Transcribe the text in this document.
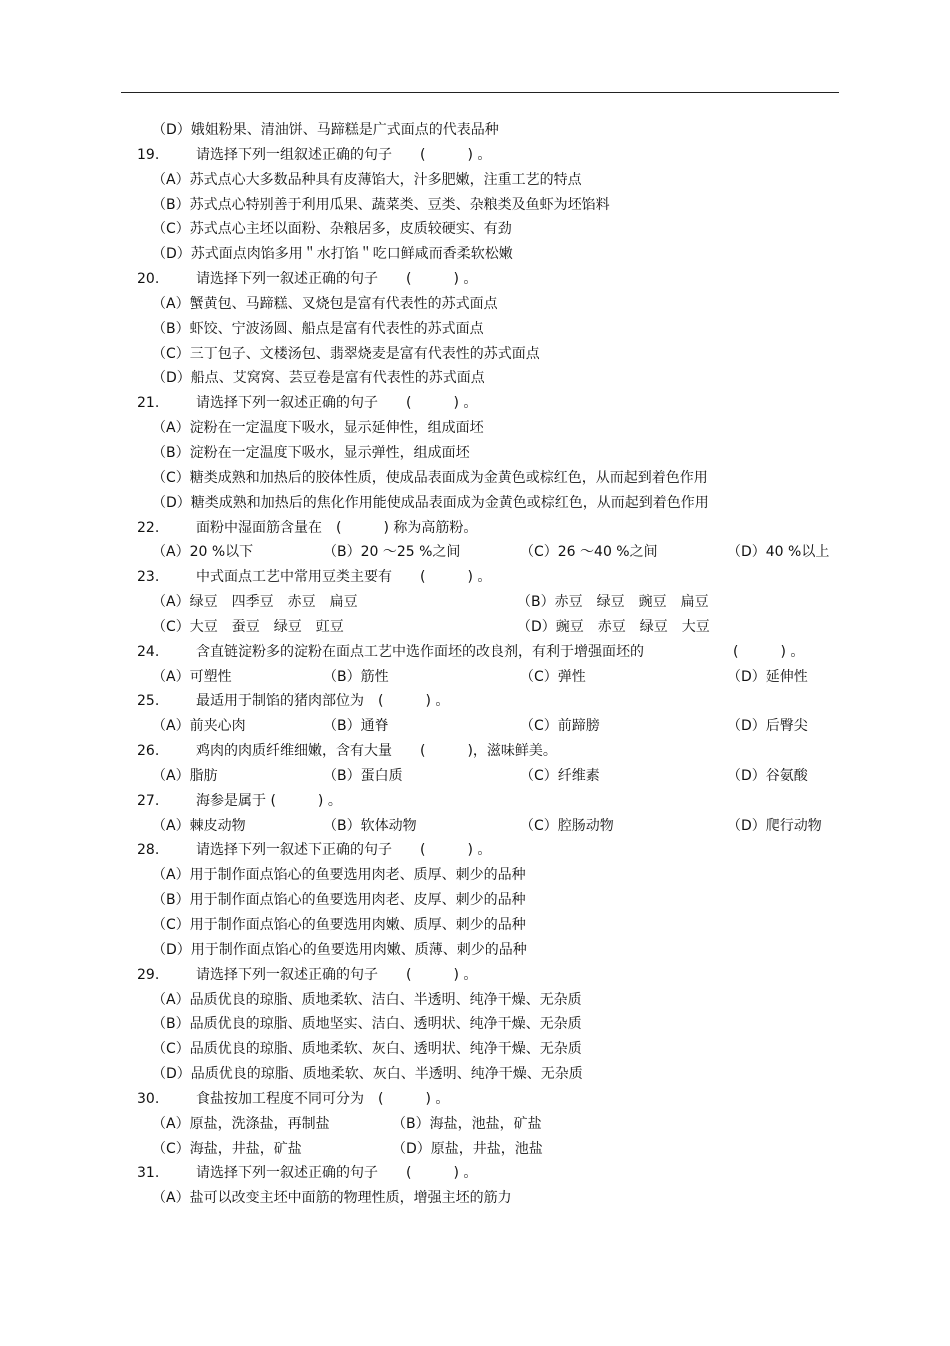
（D）娥姐粉果、清油饼、马蹄糕是广式面点的代表品种
19.	请选择下列一组叙述正确的句子　　(　　　) 。
（A）苏式点心大多数品种具有皮薄馅大，汁多肥嫩，注重工艺的特点
（B）苏式点心特别善于利用瓜果、蔬菜类、豆类、杂粮类及鱼虾为坯馅料
（C）苏式点心主坯以面粉、杂粮居多，皮质较硬实、有劲
（D）苏式面点肉馅多用＂水打馅＂吃口鲜咸而香柔软松嫩
20.	请选择下列一叙述正确的句子　　(　　　) 。
（A）蟹黄包、马蹄糕、叉烧包是富有代表性的苏式面点
（B）虾饺、宁波汤圆、船点是富有代表性的苏式面点
（C）三丁包子、文楼汤包、翡翠烧麦是富有代表性的苏式面点
（D）船点、艾窝窝、芸豆卷是富有代表性的苏式面点
21.	请选择下列一叙述正确的句子　　(　　　) 。
（A）淀粉在一定温度下吸水，显示延伸性，组成面坯
（B）淀粉在一定温度下吸水，显示弹性，组成面坯
（C）糖类成熟和加热后的胶体性质，使成品表面成为金黄色或棕红色，从而起到着色作用
（D）糖类成熟和加热后的焦化作用能使成品表面成为金黄色或棕红色，从而起到着色作用
22.	面粉中湿面筋含量在　(　　　) 称为高筋粉。
（A）20 %以下	（B）20 ～25 %之间	（C）26 ～40 %之间	（D）40 %以上
23.	中式面点工艺中常用豆类主要有　　(　　　) 。
（A）绿豆　四季豆　赤豆　扁豆	（B）赤豆　绿豆　豌豆　扁豆
（C）大豆　蚕豆　绿豆　豇豆	（D）豌豆　赤豆　绿豆　大豆
24.	含直链淀粉多的淀粉在面点工艺中选作面坯的改良剂，有利于增强面坯的	(　　　) 。
（A）可塑性	（B）筋性	（C）弹性	（D）延伸性
25.	最适用于制馅的猪肉部位为　(　　　) 。
（A）前夹心肉	（B）通脊	（C）前蹄膀	（D）后臀尖
26.	鸡肉的肉质纤维细嫩，含有大量　　(　　　)，滋味鲜美。
（A）脂肪	（B）蛋白质	（C）纤维素	（D）谷氨酸
27.	海参是属于 (　　　) 。
（A）棘皮动物	（B）软体动物	（C）腔肠动物	（D）爬行动物
28.	请选择下列一叙述下正确的句子　　(　　　) 。
（A）用于制作面点馅心的鱼要选用肉老、质厚、刺少的品种
（B）用于制作面点馅心的鱼要选用肉老、皮厚、刺少的品种
（C）用于制作面点馅心的鱼要选用肉嫩、质厚、刺少的品种
（D）用于制作面点馅心的鱼要选用肉嫩、质薄、刺少的品种
29.	请选择下列一叙述正确的句子　　(　　　) 。
（A）品质优良的琼脂、质地柔软、洁白、半透明、纯净干燥、无杂质
（B）品质优良的琼脂、质地坚实、洁白、透明状、纯净干燥、无杂质
（C）品质优良的琼脂、质地柔软、灰白、透明状、纯净干燥、无杂质
（D）品质优良的琼脂、质地柔软、灰白、半透明、纯净干燥、无杂质
30.	食盐按加工程度不同可分为　(　　　) 。
（A）原盐，洗涤盐，再制盐	（B）海盐，池盐，矿盐
（C）海盐，井盐，矿盐	（D）原盐，井盐，池盐
31.	请选择下列一叙述正确的句子　　(　　　) 。
（A）盐可以改变主坯中面筋的物理性质，增强主坯的筋力
